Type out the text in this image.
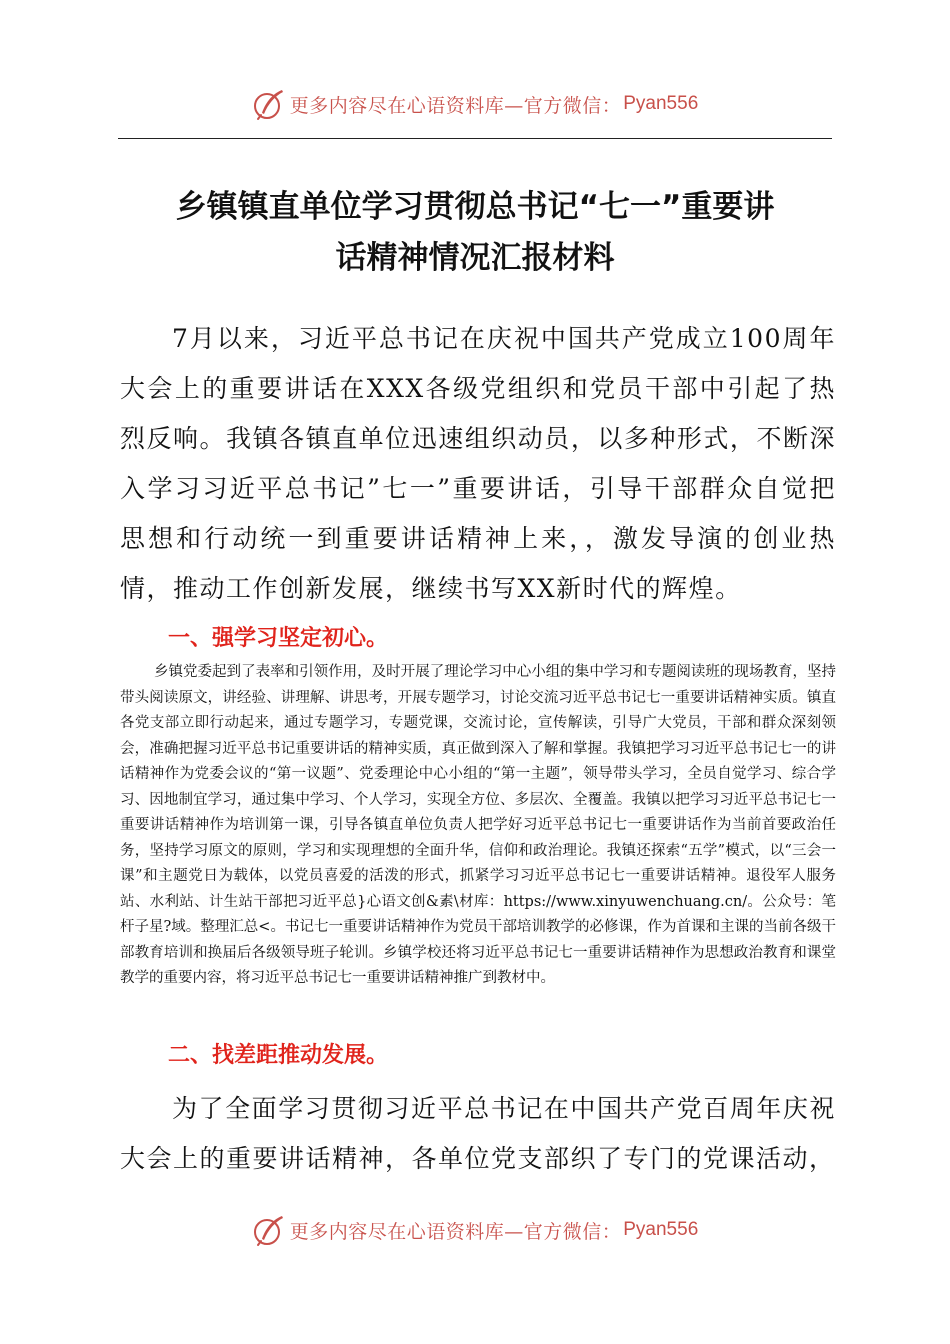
更多内容尽在心语资料库—官方微信： Pyan556
乡镇镇直单位学习贯彻总书记“七一”重要讲
话精神情况汇报材料

7月以来，习近平总书记在庆祝中国共产党成立100周年大会上的重要讲话在XXX各级党组织和党员干部中引起了热烈反响。我镇各镇直单位迅速组织动员，以多种形式，不断深入学习习近平总书记”七一”重要讲话，引导干部群众自觉把思想和行动统一到重要讲话精神上来，，激发导演的创业热情，推动工作创新发展，继续书写XX新时代的辉煌。

一、强学习坚定初心。

乡镇党委起到了表率和引领作用，及时开展了理论学习中心小组的集中学习和专题阅读班的现场教育，坚持带头阅读原文，讲经验、讲理解、讲思考，开展专题学习，讨论交流习近平总书记七一重要讲话精神实质。镇直各党支部立即行动起来，通过专题学习，专题党课，交流讨论，宣传解读，引导广大党员，干部和群众深刻领会，准确把握习近平总书记重要讲话的精神实质，真正做到深入了解和掌握。我镇把学习习近平总书记七一的讲话精神作为党委会议的“第一议题”、党委理论中心小组的“第一主题”，领导带头学习，全员自觉学习、综合学习、因地制宜学习，通过集中学习、个人学习，实现全方位、多层次、全覆盖。我镇以把学习习近平总书记七一重要讲话精神作为培训第一课，引导各镇直单位负责人把学好习近平总书记七一重要讲话作为当前首要政治任务，坚持学习原文的原则，学习和实现理想的全面升华，信仰和政治理论。我镇还探索“五学”模式，以“三会一课”和主题党日为载体，以党员喜爱的活泼的形式，抓紧学习习近平总书记七一重要讲话精神。退役军人服务站、水利站、计生站干部把习近平总}心语文创&素\材库：https://www.xinyuwenchuang.cn/。公众号：笔杆子星?域。整理汇总<。书记七一重要讲话精神作为党员干部培训教学的必修课，作为首课和主课的当前各级干部教育培训和换届后各级领导班子轮训。乡镇学校还将习近平总书记七一重要讲话精神作为思想政治教育和课堂教学的重要内容，将习近平总书记七一重要讲话精神推广到教材中。

二、找差距推动发展。

为了全面学习贯彻习近平总书记在中国共产党百周年庆祝大会上的重要讲话精神，各单位党支部织了专门的党课活动，

更多内容尽在心语资料库—官方微信： Pyan556
